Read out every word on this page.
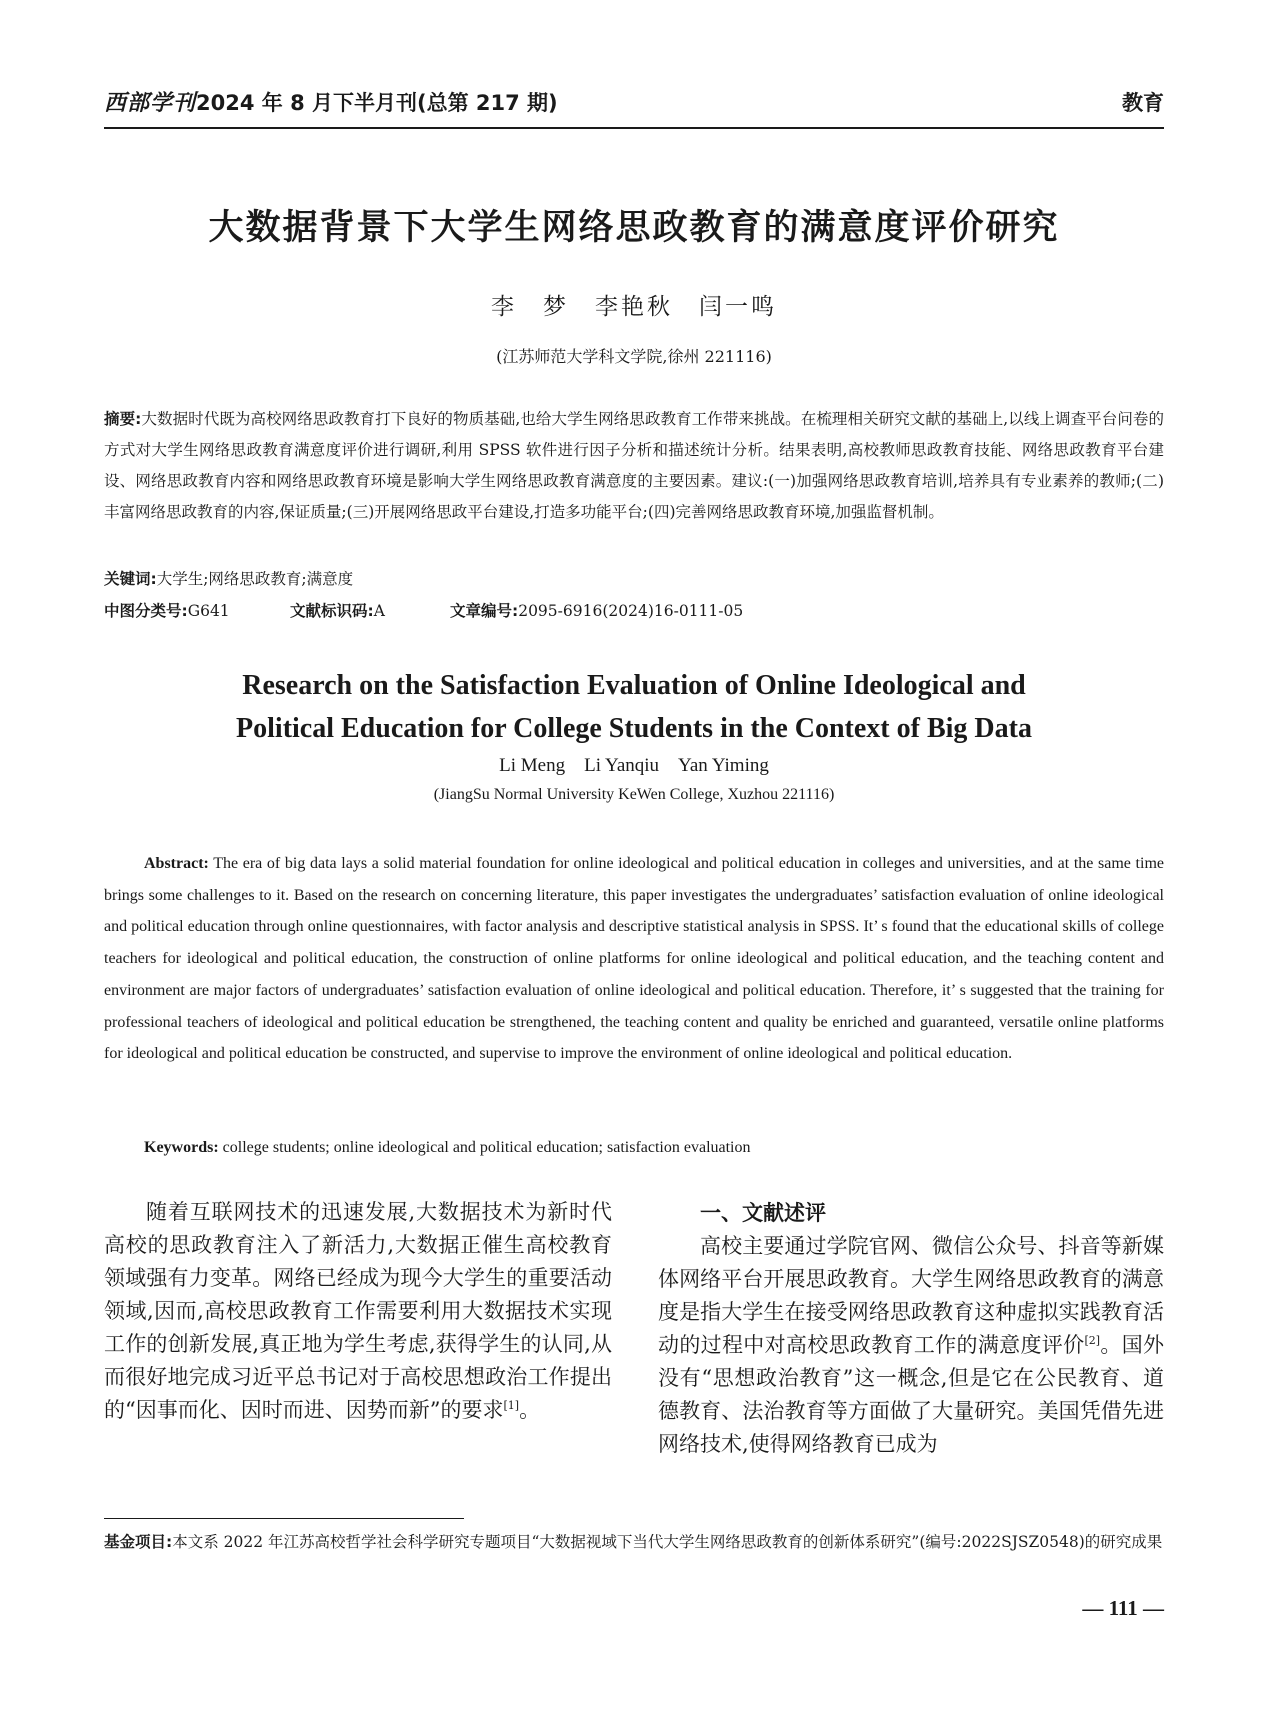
西部学刊 2024 年 8 月下半月刊(总第 217 期)	教育
大数据背景下大学生网络思政教育的满意度评价研究
李　梦　李艳秋　闫一鸣
(江苏师范大学科文学院,徐州 221116)
摘要:大数据时代既为高校网络思政教育打下良好的物质基础,也给大学生网络思政教育工作带来挑战。在梳理相关研究文献的基础上,以线上调查平台问卷的方式对大学生网络思政教育满意度评价进行调研,利用 SPSS 软件进行因子分析和描述统计分析。结果表明,高校教师思政教育技能、网络思政教育平台建设、网络思政教育内容和网络思政教育环境是影响大学生网络思政教育满意度的主要因素。建议:(一)加强网络思政教育培训,培养具有专业素养的教师;(二)丰富网络思政教育的内容,保证质量;(三)开展网络思政平台建设,打造多功能平台;(四)完善网络思政教育环境,加强监督机制。
关键词:大学生;网络思政教育;满意度
中图分类号:G641	文献标识码:A	文章编号:2095-6916(2024)16-0111-05
Research on the Satisfaction Evaluation of Online Ideological and
Political Education for College Students in the Context of Big Data
Li Meng　Li Yanqiu　Yan Yiming
(JiangSu Normal University KeWen College, Xuzhou 221116)
Abstract: The era of big data lays a solid material foundation for online ideological and political education in colleges and universities, and at the same time brings some challenges to it. Based on the research on concerning literature, this paper investigates the undergraduates’ satisfaction evaluation of online ideological and political education through online questionnaires, with factor analysis and descriptive statistical analysis in SPSS. It’ s found that the educational skills of college teachers for ideological and political education, the construction of online platforms for online ideological and political education, and the teaching content and environment are major factors of undergraduates’ satisfaction evaluation of online ideological and political education. Therefore, it’ s suggested that the training for professional teachers of ideological and political education be strengthened, the teaching content and quality be enriched and guaranteed, versatile online platforms for ideological and political education be constructed, and supervise to improve the environment of online ideological and political education.
Keywords: college students; online ideological and political education; satisfaction evaluation

随着互联网技术的迅速发展,大数据技术为新时代高校的思政教育注入了新活力,大数据正催生高校教育领域强有力变革。网络已经成为现今大学生的重要活动领域,因而,高校思政教育工作需要利用大数据技术实现工作的创新发展,真正地为学生考虑,获得学生的认同,从而很好地完成习近平总书记对于高校思想政治工作提出的“因事而化、因时而进、因势而新”的要求[1]。

一、文献述评

高校主要通过学院官网、微信公众号、抖音等新媒体网络平台开展思政教育。大学生网络思政教育的满意度是指大学生在接受网络思政教育这种虚拟实践教育活动的过程中对高校思政教育工作的满意度评价[2]。国外没有“思想政治教育”这一概念,但是它在公民教育、道德教育、法治教育等方面做了大量研究。美国凭借先进网络技术,使得网络教育已成为

基金项目:本文系 2022 年江苏高校哲学社会科学研究专题项目“大数据视域下当代大学生网络思政教育的创新体系研究”(编号:2022SJSZ0548)的研究成果
— 111 —
